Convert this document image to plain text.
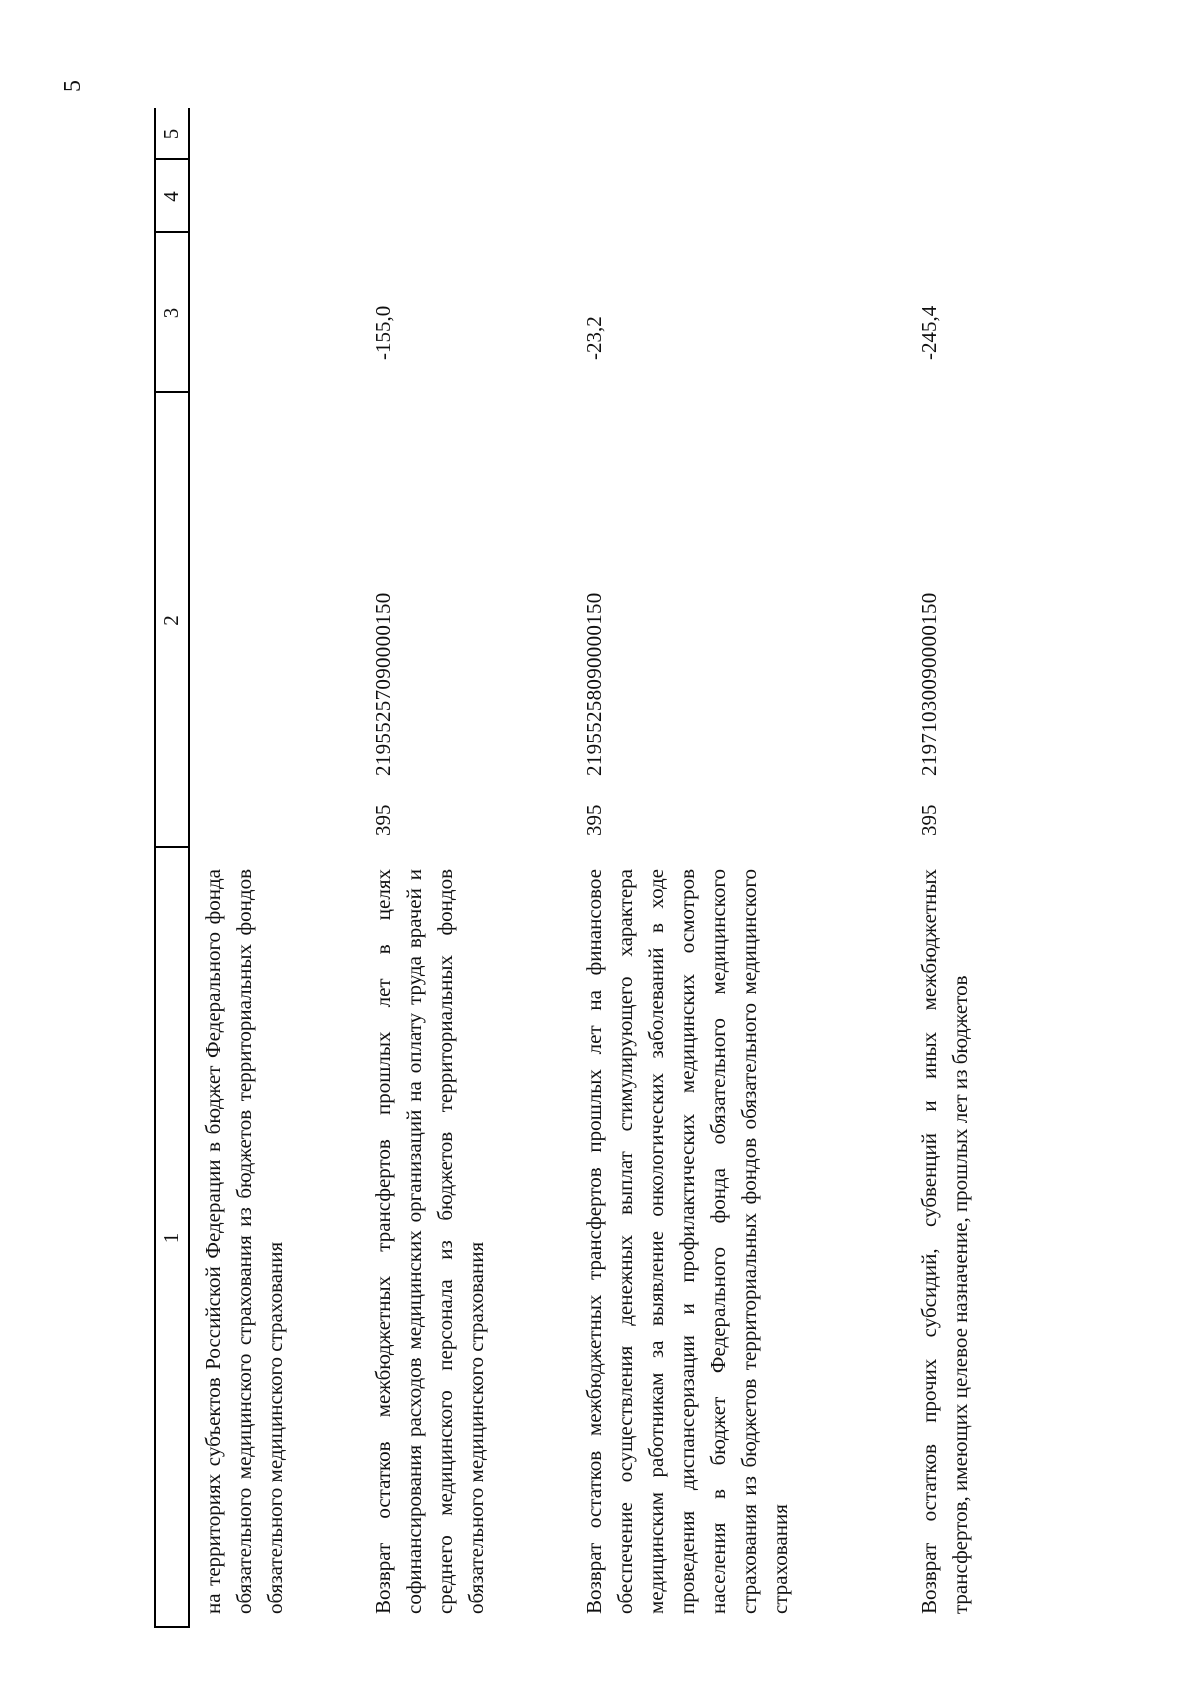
5
1
2
3
4
5
на территориях субъектов Российской Федерации в бюджет Федерального фонда обязательного медицинского страхования из бюджетов территориальных фондов обязательного медицинского страхования	Возврат остатков межбюджетных трансфертов прошлых лет в целях софинансирования расходов медицинских организаций на оплату труда врачей и среднего медицинского персонала из бюджетов территориальных фондов обязательного медицинского страхования
395
21955257090000150
-155,0
Возврат остатков межбюджетных трансфертов прошлых лет на финансовое обеспечение осуществления денежных выплат стимулирующего характера медицинским работникам за выявление онкологических заболеваний в ходе проведения диспансеризации и профилактических медицинских осмотров населения в бюджет Федерального фонда обязательного медицинского страхования из бюджетов территориальных фондов обязательного медицинского страхования
395
21955258090000150
-23,2
Возврат остатков прочих субсидий, субвенций и иных межбюджетных трансфертов, имеющих целевое назначение, прошлых лет из бюджетов
395
21971030090000150
-245,4
